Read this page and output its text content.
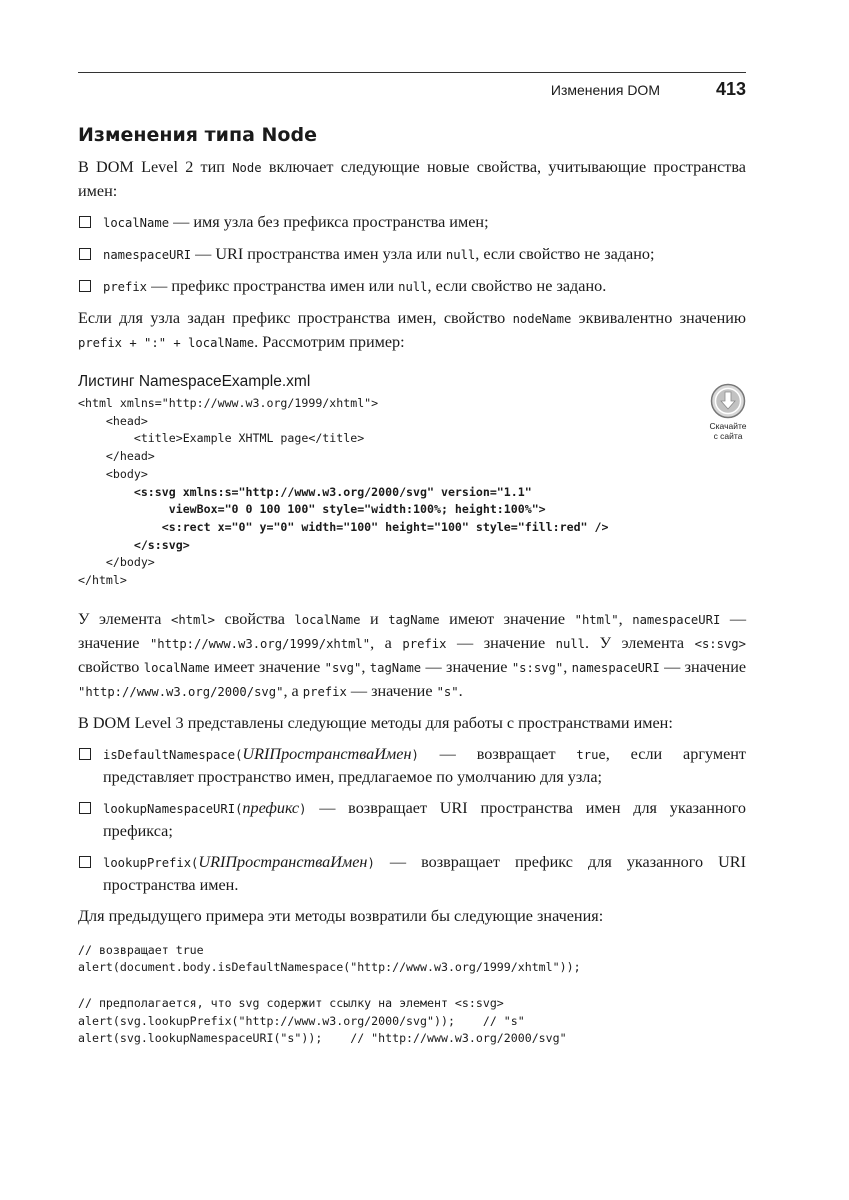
Изменения DOM	413
Скачайте
с сайта
Изменения типа Node

В DOM Level 2 тип Node включает следующие новые свойства, учитывающие пространства имен:

localName — имя узла без префикса пространства имен;
namespaceURI — URI пространства имен узла или null, если свойство не задано;
prefix — префикс пространства имен или null, если свойство не задано.

Если для узла задан префикс пространства имен, свойство nodeName эквивалентно значению prefix + ":" + localName. Рассмотрим пример:

Листинг NamespaceExample.xml
<html xmlns="http://www.w3.org/1999/xhtml">
<head>
<title>Example XHTML page</title>
</head>
<body>
<s:svg xmlns:s="http://www.w3.org/2000/svg" version="1.1"
viewBox="0 0 100 100" style="width:100%; height:100%">
<s:rect x="0" y="0" width="100" height="100" style="fill:red" />
</s:svg>
</body>
</html>

У элемента <html> свойства localName и tagName имеют значение "html", namespaceURI — значение "http://www.w3.org/1999/xhtml", а prefix — значение null. У элемента <s:svg> свойство localName имеет значение "svg", tagName — значение "s:svg", namespaceURI — значение "http://www.w3.org/2000/svg", а prefix — значение "s".

В DOM Level 3 представлены следующие методы для работы с пространствами имен:

isDefaultNamespace(URIПространстваИмен) — возвращает true, если аргумент представляет пространство имен, предлагаемое по умолчанию для узла;
lookupNamespaceURI(префикс) — возвращает URI пространства имен для указанного префикса;
lookupPrefix(URIПространстваИмен) — возвращает префикс для указанного URI пространства имен.

Для предыдущего примера эти методы возвратили бы следующие значения:

// возвращает true
alert(document.body.isDefaultNamespace("http://www.w3.org/1999/xhtml"));

// предполагается, что svg содержит ссылку на элемент <s:svg>
alert(svg.lookupPrefix("http://www.w3.org/2000/svg"));    // "s"
alert(svg.lookupNamespaceURI("s"));    // "http://www.w3.org/2000/svg"
